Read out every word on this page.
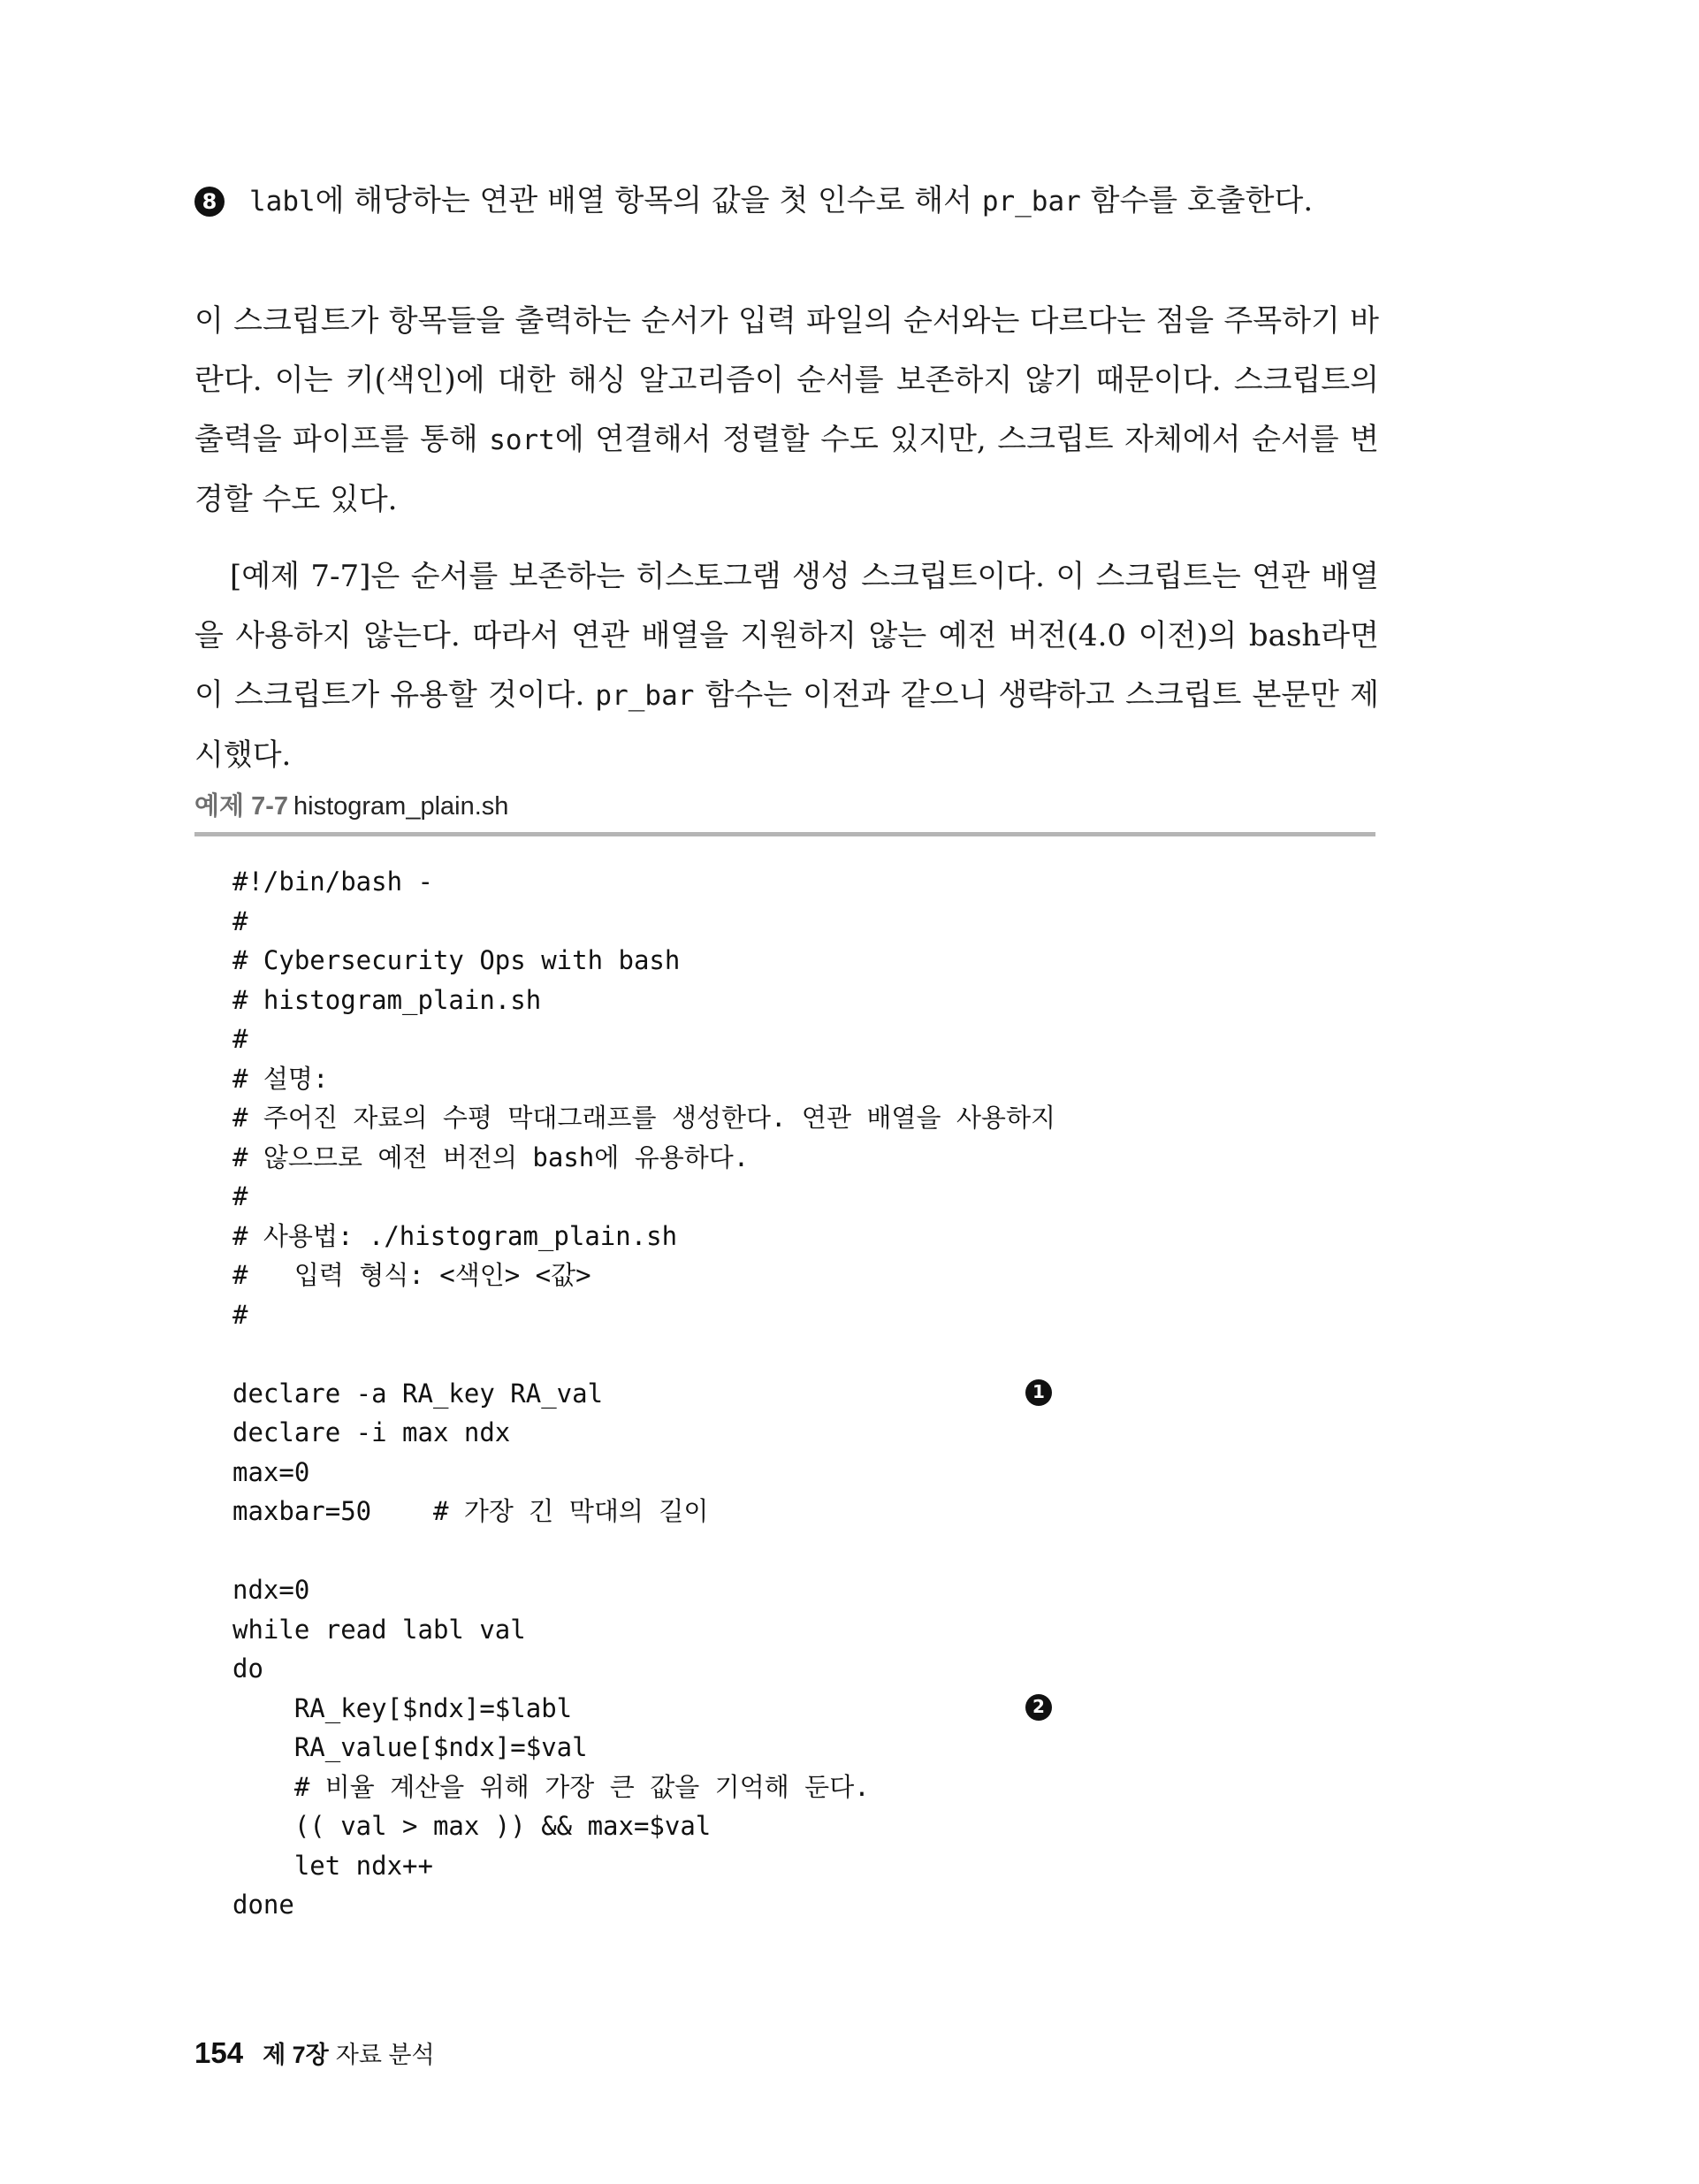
8 labl에 해당하는 연관 배열 항목의 값을 첫 인수로 해서 pr_bar 함수를 호출한다.

이 스크립트가 항목들을 출력하는 순서가 입력 파일의 순서와는 다르다는 점을 주목하기 바란다. 이는 키(색인)에 대한 해싱 알고리즘이 순서를 보존하지 않기 때문이다. 스크립트의 출력을 파이프를 통해 sort에 연결해서 정렬할 수도 있지만, 스크립트 자체에서 순서를 변경할 수도 있다.

[예제 7-7]은 순서를 보존하는 히스토그램 생성 스크립트이다. 이 스크립트는 연관 배열을 사용하지 않는다. 따라서 연관 배열을 지원하지 않는 예전 버전(4.0 이전)의 bash라면 이 스크립트가 유용할 것이다. pr_bar 함수는 이전과 같으니 생략하고 스크립트 본문만 제시했다.

예제 7-7 histogram_plain.sh
#!/bin/bash -
#
# Cybersecurity Ops with bash
# histogram_plain.sh
#
# 설명:
# 주어진 자료의 수평 막대그래프를 생성한다. 연관 배열을 사용하지
# 않으므로 예전 버전의 bash에 유용하다.
#
# 사용법: ./histogram_plain.sh
#   입력 형식: <색인> <값>
#
declare -a RA_key RA_val	1
declare -i max ndx
max=0
maxbar=50    # 가장 긴 막대의 길이
ndx=0
while read labl val
do
RA_key[$ndx]=$labl	2
RA_value[$ndx]=$val
# 비율 계산을 위해 가장 큰 값을 기억해 둔다.
(( val > max )) && max=$val
let ndx++
done
154 제 7장 자료 분석
